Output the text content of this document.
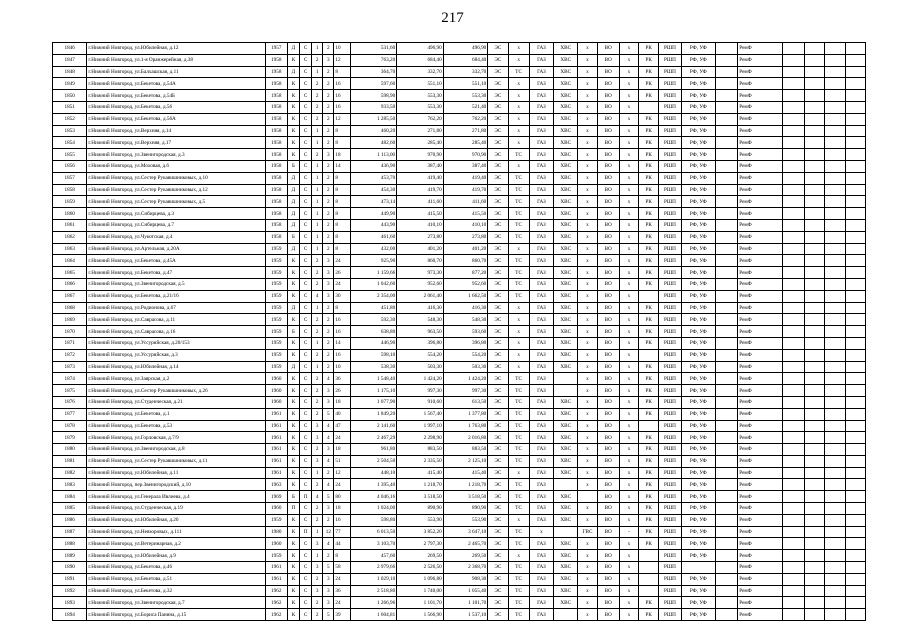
217
1846	г.Нижний Новгород, ул.Юбилейная, д.12	1957	Д	С	1	2	10	531,60	496,90	496,90	ЭС	х	ГАЗ	ХВС	х	ВО	х	РК	РШП	РФ, УФ		РемФ				
1847	г.Нижний Новгород, ул.1-я Оранжерейная, д.38	1958	К	С	2	3	12	763,20	684,40	684,40	ЭС	х	ГАЗ	ХВС	х	ВО	х	РК	РШП	РФ, УФ		РемФ				
1848	г.Нижний Новгород, ул.Балхашская, д.11	1958	Д	С	1	2	8	364,70	332,70	332,70	ЭС	ТС	ГАЗ	ХВС	х	ВО	х	РК	РШП	РФ, УФ		РемФ				
1849	г.Нижний Новгород, ул.Бекетова, д.54А	1958	К	С	2	2	16	597,60	551,10	551,10	ЭС	х	ГАЗ	ХВС	х	ВО	х	РК	РШП	РФ, УФ		РемФ				
1850	г.Нижний Новгород, ул.Бекетова, д.54Б	1958	К	С	2	2	16	598,90	553,30	553,30	ЭС	х	ГАЗ	ХВС	х	ВО	х	РК	РШП	РФ, УФ		РемФ				
1851	г.Нижний Новгород, ул.Бекетова, д.56	1958	К	С	2	2	16	933,50	553,30	521,40	ЭС	х	ГАЗ	ХВС	х	ВО	х		РШП	РФ, УФ		РемФ				
1852	г.Нижний Новгород, ул.Бекетова, д.56А	1958	К	С	2	2	12	1 285,50	762,20	762,20	ЭС	х	ГАЗ	ХВС	х	ВО	х	РК	РШП	РФ, УФ		РемФ				
1853	г.Нижний Новгород, ул.Верхняя, д.14	1958	К	С	1	2	8	460,20	271,80	271,80	ЭС	х	ГАЗ	ХВС	х	ВО	х	РК	РШП	РФ, УФ		РемФ				
1854	г.Нижний Новгород, ул.Верхняя, д.17	1958	К	С	1	2	8	482,60	285,40	285,40	ЭС	х	ГАЗ	ХВС	х	ВО	х	РК	РШП	РФ, УФ		РемФ				
1855	г.Нижний Новгород, ул.Звенигородская, д.3	1958	К	С	2	3	18	1 113,00	970,90	970,90	ЭС	ТС	ГАЗ	ХВС	х	ВО	х	РК	РШП	РФ, УФ		РемФ				
1856	г.Нижний Новгород, ул.Моховая, д.6	1958	Б	С	1	2	14	436,90	387,40	387,40	ЭС	х	ГАЗ	ХВС	х	ВО	х	РК	РШП	РФ, УФ		РемФ				
1857	г.Нижний Новгород, ул.Сестер Рукавишниковых, д.10	1958	Д	С	1	2	8	453,70	419,40	419,40	ЭС	ТС	ГАЗ	ХВС	х	ВО	х	РК	РШП	РФ, УФ		РемФ				
1858	г.Нижний Новгород, ул.Сестер Рукавишниковых, д.12	1958	Д	С	1	2	8	454,30	419,70	419,70	ЭС	ТС	ГАЗ	ХВС	х	ВО	х	РК	РШП	РФ, УФ		РемФ				
1859	г.Нижний Новгород, ул.Сестер Рукавишниковых, д.5	1958	Д	С	1	2	8	473,14	411,60	411,60	ЭС	ТС	ГАЗ	ХВС	х	ВО	х	РК	РШП	РФ, УФ		РемФ				
1860	г.Нижний Новгород, ул.Сибирцева, д.3	1958	Д	С	1	2	8	449,90	415,50	415,50	ЭС	ТС	ГАЗ	ХВС	х	ВО	х	РК	РШП	РФ, УФ		РемФ				
1861	г.Нижний Новгород, ул.Сибирцева, д.7	1958	Д	С	1	2	8	443,90	410,10	410,10	ЭС	ТС	ГАЗ	ХВС	х	ВО	х	РК	РШП	РФ, УФ		РемФ				
1862	г.Нижний Новгород, ул.Чукотская, д.4	1958	Б	С	1	2	8	461,60	273,80	273,80	ЭС	ТС	ГАЗ	ХВС	х	ВО	х	РК	РШП	РФ, УФ		РемФ				
1863	г.Нижний Новгород, ул.Артельная, д.20А	1959	Д	С	1	2	8	432,00	401,20	401,20	ЭС	х	ГАЗ	ХВС	х	ВО	х	РК	РШП	РФ, УФ		РемФ				
1864	г.Нижний Новгород, ул.Бекетова, д.45А	1959	К	С	2	3	24	925,90	860,70	860,70	ЭС	ТС	ГАЗ	ХВС	х	ВО	х	РК	РШП	РФ, УФ		РемФ				
1865	г.Нижний Новгород, ул.Бекетова, д.47	1959	К	С	2	3	26	1 159,66	973,30	877,20	ЭС	ТС	ГАЗ	ХВС	х	ВО	х	РК	РШП	РФ, УФ		РемФ				
1866	г.Нижний Новгород, ул.Звенигородская, д.5	1959	К	С	2	3	24	1 042,60	952,60	952,60	ЭС	ТС	ГАЗ	ХВС	х	ВО	х	РК	РШП	РФ, УФ		РемФ				
1867	г.Нижний Новгород, ул.Бекетова, д.21/16	1959	К	С	4	3	30	2 354,00	2 061,40	1 662,50	ЭС	ТС	ГАЗ	ХВС	х	ВО	х		РШП	РФ, УФ		РемФ				
1868	г.Нижний Новгород, ул.Родионова, д.67	1959	Д	С	1	2	8	451,80	416,30	416,30	ЭС	х	ГАЗ	ХВС	х	ВО	х	РК	РШП	РФ, УФ		РемФ				
1869	г.Нижний Новгород, ул.Саврасова, д.11	1959	К	С	2	2	16	592,30	548,30	548,30	ЭС	х	ГАЗ	ХВС	х	ВО	х	РК	РШП	РФ, УФ		РемФ				
1870	г.Нижний Новгород, ул.Саврасова, д.16	1959	Б	С	2	2	16	638,80	963,50	593,60	ЭС	х	ГАЗ	ХВС	х	ВО	х	РК	РШП	РФ, УФ		РемФ				
1871	г.Нижний Новгород, ул.Уссурийская, д.20/153	1959	К	С	1	2	14	446,90	396,80	396,80	ЭС	х	ГАЗ	ХВС	х	ВО	х	РК	РШП	РФ, УФ		РемФ				
1872	г.Нижний Новгород, ул.Уссурийская, д.3	1959	К	С	2	2	16	598,10	554,20	554,20	ЭС	х	ГАЗ	ХВС	х	ВО	х		РШП	РФ, УФ		РемФ				
1873	г.Нижний Новгород, ул.Юбилейная, д.14	1959	Д	С	1	2	10	538,30	503,30	503,30	ЭС	х	ГАЗ	ХВС	х	ВО	х	РК	РШП	РФ, УФ		РемФ				
1874	г.Нижний Новгород, ул.Заярская, д.2	1960	К	С	2	4	36	1 548,40	1 424,20	1 424,20	ЭС	ТС	ГАЗ		х	ВО	х	РК	РШП	РФ, УФ		РемФ				
1875	г.Нижний Новгород, ул.Сестер Рукавишниковых, д.26	1960	К	С	2	3	26	1 175,10	997,30	997,30	ЭС	ТС	ГАЗ		х	ВО	х	РК	РШП	РФ, УФ		РемФ				
1876	г.Нижний Новгород, ул.Студенческая, д.21	1960	К	С	2	3	18	1 077,90	910,60	613,50	ЭС	ТС	ГАЗ	ХВС	х	ВО	х	РК	РШП	РФ, УФ		РемФ				
1877	г.Нижний Новгород, ул.Бекетова, д.1	1961	К	С	2	5	40	1 849,20	1 567,40	1 377,80	ЭС	ТС	ГАЗ	ХВС	х	ВО	х	РК	РШП	РФ, УФ		РемФ				
1878	г.Нижний Новгород, ул.Бекетова, д.53	1961	К	С	3	4	47	2 141,60	1 997,10	1 763,80	ЭС	ТС	ГАЗ	ХВС	х	ВО	х		РШП	РФ, УФ		РемФ				
1879	г.Нижний Новгород, ул.Горловская, д.7/9	1961	К	С	3	4	24	2 467,29	2 298,90	2 016,80	ЭС	ТС	ГАЗ	ХВС	х	ВО	х	РК	РШП	РФ, УФ		РемФ				
1880	г.Нижний Новгород, ул.Звенигородская, д.8	1961	К	С	2	3	18	961,80	883,50	883,50	ЭС	ТС	ГАЗ	ХВС	х	ВО	х	РК	РШП	РФ, УФ		РемФ				
1881	г.Нижний Новгород, ул.Сестер Рукавишниковых, д.11	1961	К	С	3	4	51	2 504,50	2 335,50	2 125,10	ЭС	ТС	ГАЗ	ХВС	х	ВО	х	РК	РШП	РФ, УФ		РемФ				
1882	г.Нижний Новгород, ул.Юбилейная, д.11	1961	К	С	1	2	12	448,10	415,40	415,40	ЭС	х	ГАЗ	ХВС	х	ВО	х	РК	РШП	РФ, УФ		РемФ				
1883	г.Нижний Новгород, пер.Звенигородский, д.10	1963	К	С	2	4	24	1 395,40	1 218,70	1 218,70	ЭС	ТС	ГАЗ		х	ВО	х	РК	РШП	РФ, УФ		РемФ				
1884	г.Нижний Новгород, ул.Генерала Ивлиева, д.4	1969	Б	П	4	5	80	4 046,16	3 518,50	3 518,50	ЭС	ТС	ГАЗ	ХВС		ВО	х	РК	РШП	РФ, УФ		РемФ				
1885	г.Нижний Новгород, ул.Студенческая, д.19	1960	П	С	2	3	18	1 024,00	890,90	890,90	ЭС	ТС	ГАЗ	ХВС	х	ВО	х	РК	РШП	РФ, УФ		РемФ				
1886	г.Нижний Новгород, ул.Юбилейная, д.20	1959	К	С	2	2	16	598,80	553,90	553,90	ЭС	х	ГАЗ	ХВС	х	ВО	х	РК	РШП	РФ, УФ		РемФ				
1887	г.Нижний Новгород, ул.Невзоровых, д.111	1980	К	П	1	12	77	6 013,50	3 852,20	3 647,10	ЭС	ТС	х		ГВС	ВО	-	РК	РШП	РФ, УФ		РемФ				
1888	г.Нижний Новгород, ул.Ветеринарная, д.2	1960	К	С	3	4	44	3 103,70	2 797,30	2 465,70	ЭС	ТС	ГАЗ	ХВС	х	ВО	х	РК	РШП	РФ, УФ		РемФ				
1889	г.Нижний Новгород, ул.Юбилейная, д.9	1959	К	С	1	2	8	457,60	269,50	269,50	ЭС	х	ГАЗ	ХВС	х	ВО	х		РШП	РФ, УФ		РемФ				
1890	г.Нижний Новгород, ул.Бекетова, д.46	1961	К	С	3	5	58	2 979,66	2 526,50	2 368,70	ЭС	ТС	ГАЗ	ХВС	х	ВО	х		РШП			РемФ				
1891	г.Нижний Новгород, ул.Бекетова, д.51	1961	К	С	2	3	24	1 029,10	1 096,80	908,30	ЭС	ТС	ГАЗ	ХВС	х	ВО	х		РШП	РФ, УФ		РемФ				
1892	г.Нижний Новгород, ул.Бекетова, д.32	1962	К	С	3	3	36	2 518,80	1 740,00	1 055,40	ЭС	ТС	ГАЗ	ХВС	х	ВО	х		РШП	РФ, УФ		РемФ				
1893	г.Нижний Новгород, ул.Звенигородская, д.7	1962	К	С	2	3	24	1 266,96	1 101,70	1 101,70	ЭС	ТС	ГАЗ	ХВС	х	ВО	х	РК	РШП	РФ, УФ		РемФ				
1894	г.Нижний Новгород, ул.Бориса Панина, д.15	1962	К	С	2	5	39	1 604,81	1 566,90	1 537,10	ЭС	ТС	ГАЗ		х	ВО	х	РК	РШП	РФ, УФ		РемФ				
